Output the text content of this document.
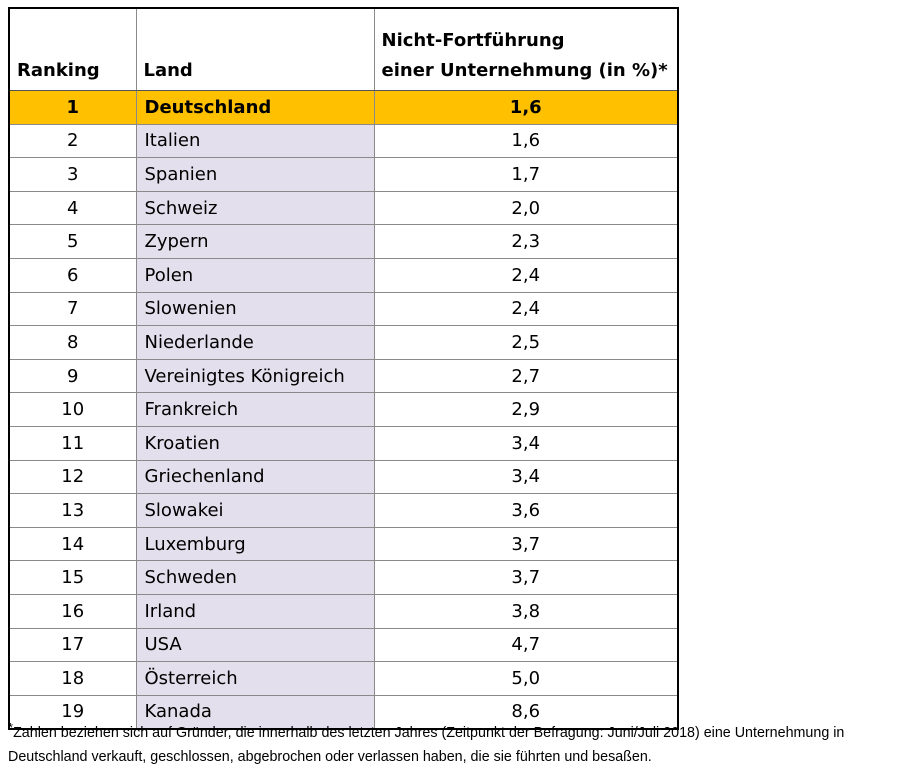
Ranking	Land	Nicht-Fortführung
einer Unternehmung (in %)*
1	Deutschland	1,6
2	Italien	1,6
3	Spanien	1,7
4	Schweiz	2,0
5	Zypern	2,3
6	Polen	2,4
7	Slowenien	2,4
8	Niederlande	2,5
9	Vereinigtes Königreich	2,7
10	Frankreich	2,9
11	Kroatien	3,4
12	Griechenland	3,4
13	Slowakei	3,6
14	Luxemburg	3,7
15	Schweden	3,7
16	Irland	3,8
17	USA	4,7
18	Österreich	5,0
19	Kanada	8,6
*Zahlen beziehen sich auf Gründer, die innerhalb des letzten Jahres (Zeitpunkt der Befragung: Juni/Juli 2018) eine Unternehmung in Deutschland verkauft, geschlossen, abgebrochen oder verlassen haben, die sie führten und besaßen.
